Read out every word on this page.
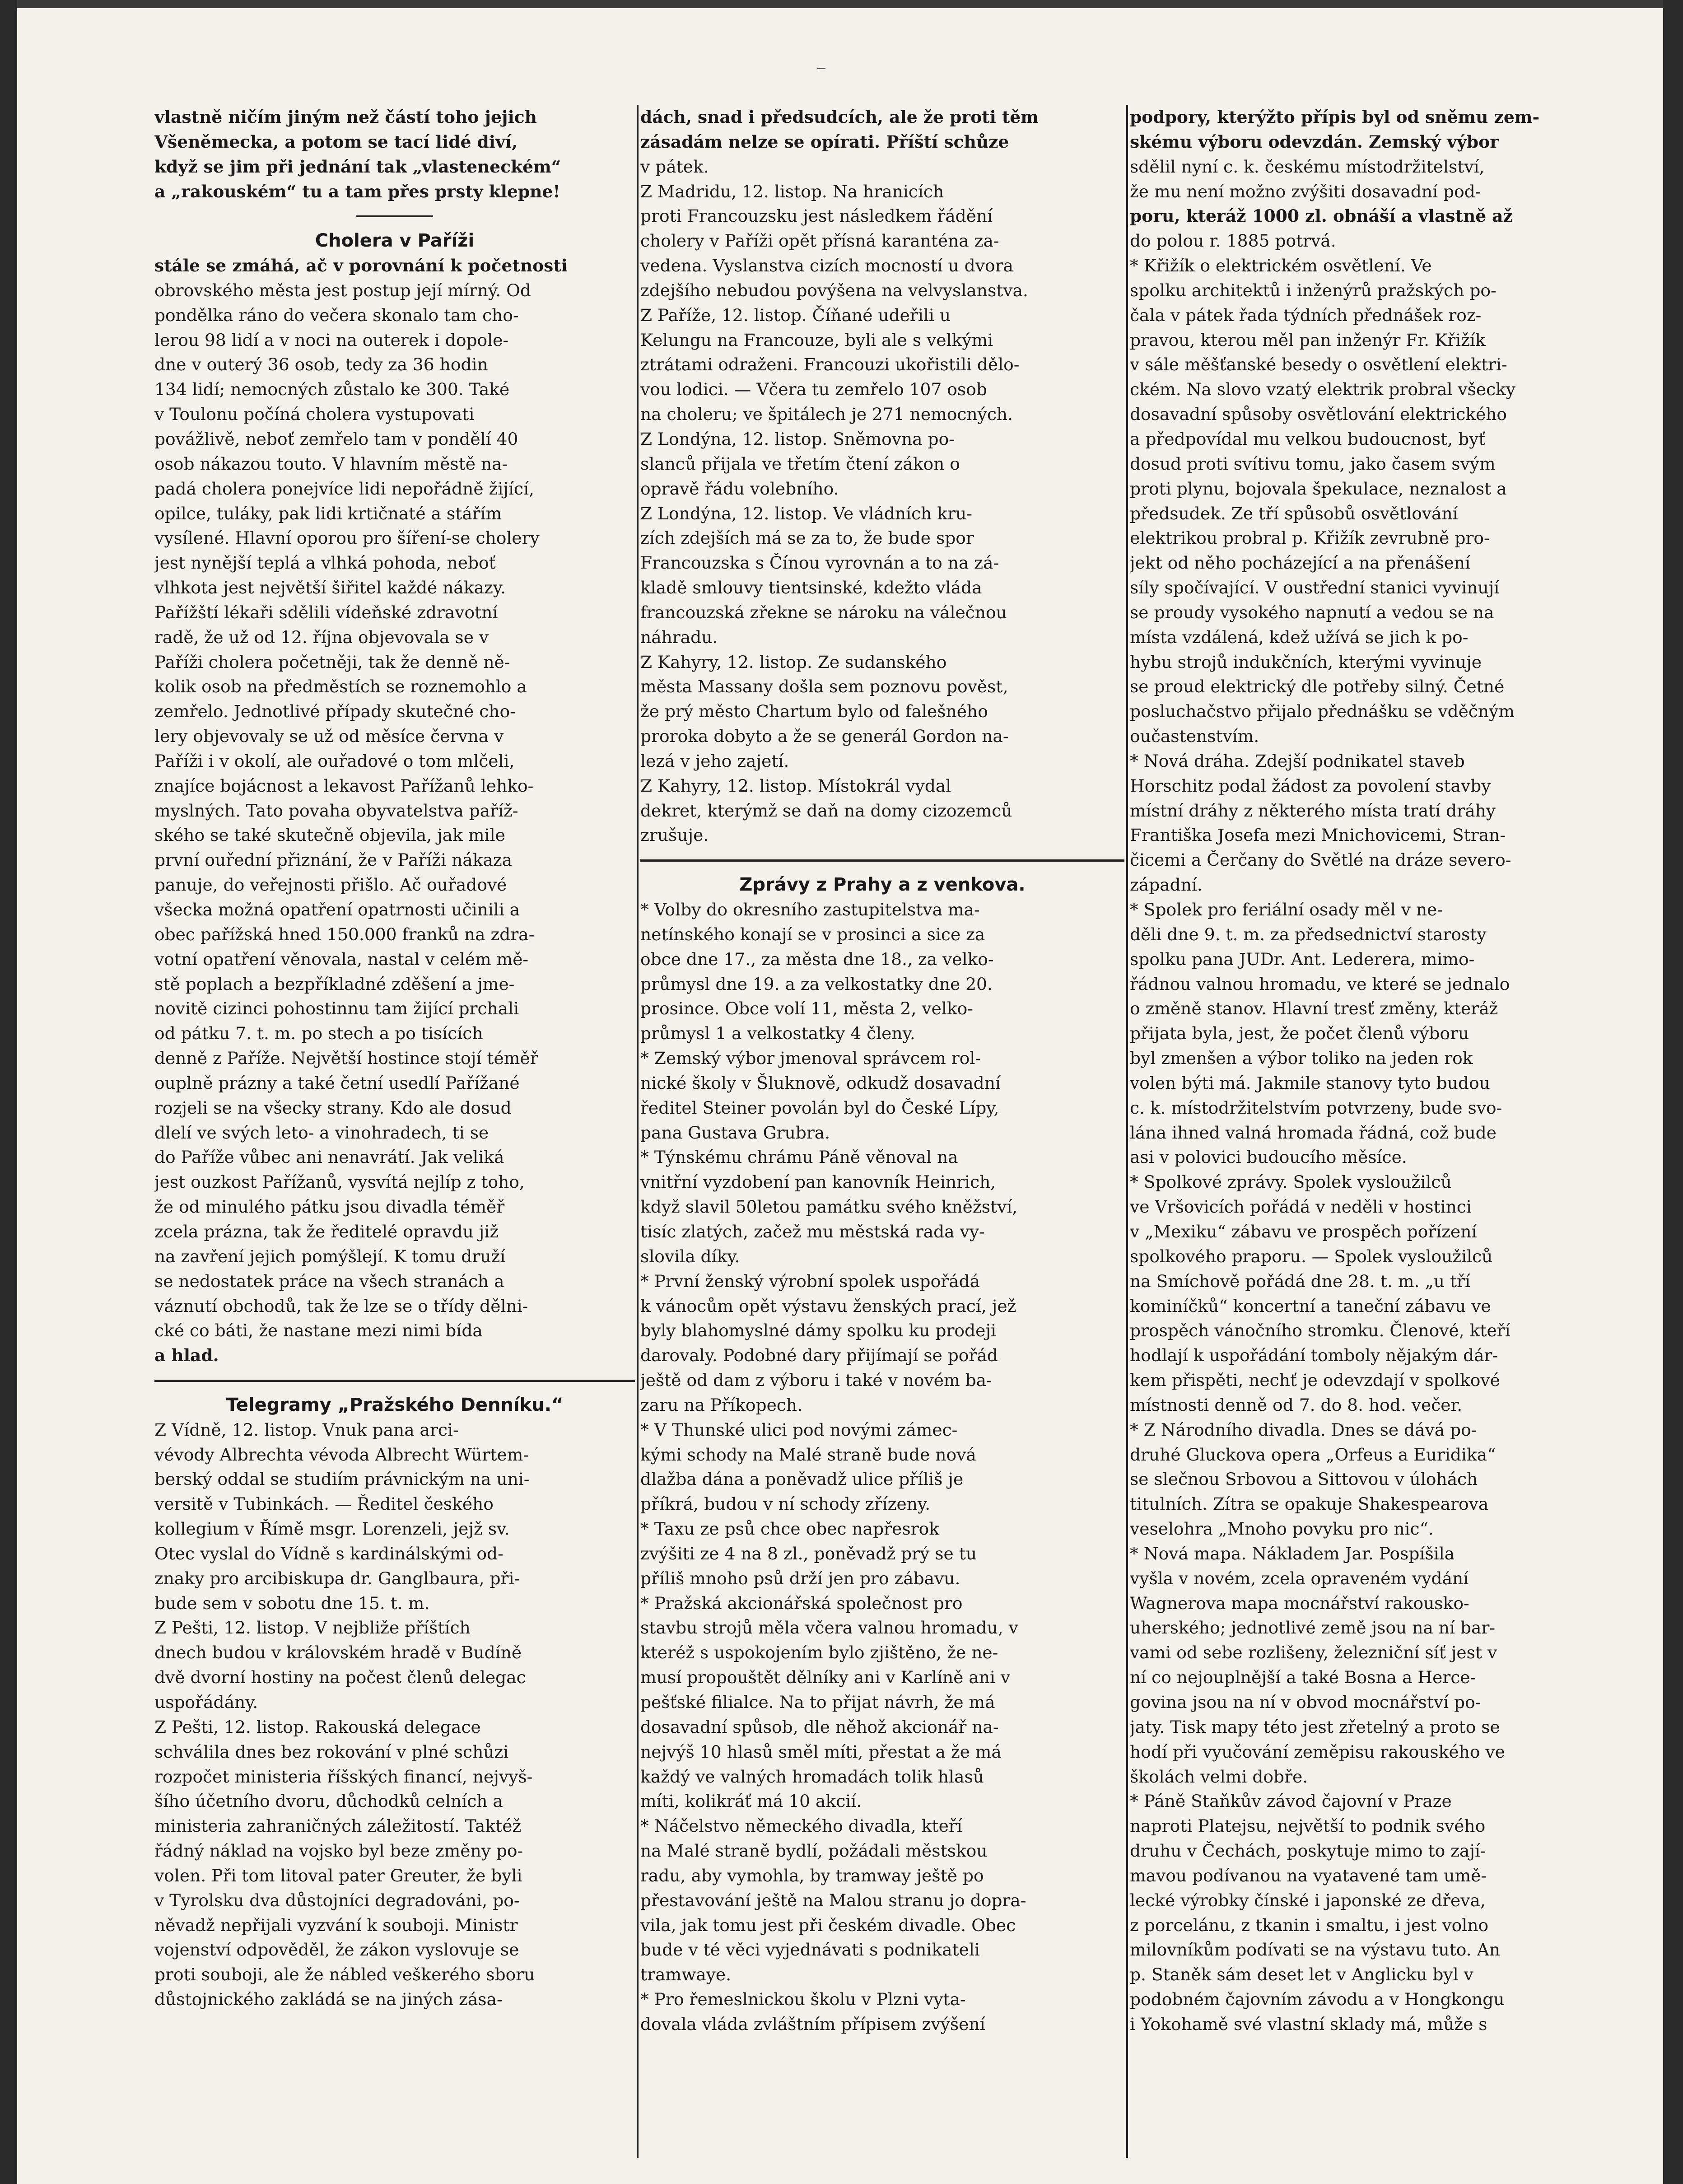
vlastně ničím jiným než částí toho jejich
Všeněmecka, a potom se tací lidé diví,
když se jim při jednání tak „vlasteneckém“
a „rakouském“ tu a tam přes prsty klepne!
Cholera v Paříži
stále se zmáhá, ač v porovnání k početnosti
obrovského města jest postup její mírný. Od
pondělka ráno do večera skonalo tam cho-
lerou 98 lidí a v noci na outerek i dopole-
dne v outerý 36 osob, tedy za 36 hodin
134 lidí; nemocných zůstalo ke 300. Také
v Toulonu počíná cholera vystupovati
povážlivě, neboť zemřelo tam v pondělí 40
osob nákazou touto. V hlavním městě na-
padá cholera ponejvíce lidi nepořádně žijící,
opilce, tuláky, pak lidi krtičnaté a stářím
vysílené. Hlavní oporou pro šíření-se cholery
jest nynější teplá a vlhká pohoda, neboť
vlhkota jest největší šiřitel každé nákazy.
Pařížští lékaři sdělili vídeňské zdravotní
radě, že už od 12. října objevovala se v
Paříži cholera početněji, tak že denně ně-
kolik osob na předměstích se roznemohlo a
zemřelo. Jednotlivé případy skutečné cho-
lery objevovaly se už od měsíce června v
Paříži i v okolí, ale ouřadové o tom mlčeli,
znajíce bojácnost a lekavost Pařížanů lehko-
myslných. Tato povaha obyvatelstva paříž-
ského se také skutečně objevila, jak mile
první ouřední přiznání, že v Paříži nákaza
panuje, do veřejnosti přišlo. Ač ouřadové
všecka možná opatření opatrnosti učinili a
obec pařížská hned 150.000 franků na zdra-
votní opatření věnovala, nastal v celém mě-
stě poplach a bezpříkladné zděšení a jme-
novitě cizinci pohostinnu tam žijící prchali
od pátku 7. t. m. po stech a po tisících
denně z Paříže. Největší hostince stojí téměř
ouplně prázny a také četní usedlí Pařížané
rozjeli se na všecky strany. Kdo ale dosud
dlelí ve svých leto- a vinohradech, ti se
do Paříže vůbec ani nenavrátí. Jak veliká
jest ouzkost Pařížanů, vysvítá nejlíp z toho,
že od minulého pátku jsou divadla téměř
zcela prázna, tak že ředitelé opravdu již
na zavření jejich pomýšlejí. K tomu druží
se nedostatek práce na všech stranách a
váznutí obchodů, tak že lze se o třídy dělni-
cké co báti, že nastane mezi nimi bída
a hlad.
Telegramy „Pražského Denníku.“
Z Vídně, 12. listop. Vnuk pana arci-
vévody Albrechta vévoda Albrecht Würtem-
berský oddal se studiím právnickým na uni-
versitě v Tubinkách. — Ředitel českého
kollegium v Římě msgr. Lorenzeli, jejž sv.
Otec vyslal do Vídně s kardinálskými od-
znaky pro arcibiskupa dr. Ganglbaura, při-
bude sem v sobotu dne 15. t. m.
Z Pešti, 12. listop. V nejbliže příštích
dnech budou v královském hradě v Budíně
dvě dvorní hostiny na počest členů delegac
uspořádány.
Z Pešti, 12. listop. Rakouská delegace
schválila dnes bez rokování v plné schůzi
rozpočet ministeria říšských financí, nejvyš-
šího účetního dvoru, důchodků celních a
ministeria zahraničných záležitostí. Taktéž
řádný náklad na vojsko byl beze změny po-
volen. Při tom litoval pater Greuter, že byli
v Tyrolsku dva důstojníci degradováni, po-
něvadž nepřijali vyzvání k souboji. Ministr
vojenství odpověděl, že zákon vyslovuje se
proti souboji, ale že nábled veškerého sboru
důstojnického zakládá se na jiných zása-
dách, snad i předsudcích, ale že proti těm
zásadám nelze se opírati. Příští schůze
v pátek.
Z Madridu, 12. listop. Na hranicích
proti Francouzsku jest následkem řádění
cholery v Paříži opět přísná karanténa za-
vedena. Vyslanstva cizích mocností u dvora
zdejšího nebudou povýšena na velvyslanstva.
Z Paříže, 12. listop. Číňané udeřili u
Kelungu na Francouze, byli ale s velkými
ztrátami odraženi. Francouzi ukořistili dělo-
vou lodici. — Včera tu zemřelo 107 osob
na choleru; ve špitálech je 271 nemocných.
Z Londýna, 12. listop. Sněmovna po-
slanců přijala ve třetím čtení zákon o
opravě řádu volebního.
Z Londýna, 12. listop. Ve vládních kru-
zích zdejších má se za to, že bude spor
Francouzska s Čínou vyrovnán a to na zá-
kladě smlouvy tientsinské, kdežto vláda
francouzská zřekne se nároku na válečnou
náhradu.
Z Kahyry, 12. listop. Ze sudanského
města Massany došla sem poznovu pověst,
že prý město Chartum bylo od falešného
proroka dobyto a že se generál Gordon na-
lezá v jeho zajetí.
Z Kahyry, 12. listop. Místokrál vydal
dekret, kterýmž se daň na domy cizozemců
zrušuje.
Zprávy z Prahy a z venkova.
* Volby do okresního zastupitelstva ma-
netínského konají se v prosinci a sice za
obce dne 17., za města dne 18., za velko-
průmysl dne 19. a za velkostatky dne 20.
prosince. Obce volí 11, města 2, velko-
průmysl 1 a velkostatky 4 členy.
* Zemský výbor jmenoval správcem rol-
nické školy v Šluknově, odkudž dosavadní
ředitel Steiner povolán byl do České Lípy,
pana Gustava Grubra.
* Týnskému chrámu Páně věnoval na
vnitřní vyzdobení pan kanovník Heinrich,
když slavil 50letou památku svého kněžství,
tisíc zlatých, začež mu městská rada vy-
slovila díky.
* První ženský výrobní spolek uspořádá
k vánocům opět výstavu ženských prací, jež
byly blahomyslné dámy spolku ku prodeji
darovaly. Podobné dary přijímají se pořád
ještě od dam z výboru i také v novém ba-
zaru na Příkopech.
* V Thunské ulici pod novými zámec-
kými schody na Malé straně bude nová
dlažba dána a poněvadž ulice příliš je
příkrá, budou v ní schody zřízeny.
* Taxu ze psů chce obec napřesrok
zvýšiti ze 4 na 8 zl., poněvadž prý se tu
příliš mnoho psů drží jen pro zábavu.
* Pražská akcionářská společnost pro
stavbu strojů měla včera valnou hromadu, v
kteréž s uspokojením bylo zjištěno, že ne-
musí propouštět dělníky ani v Karlíně ani v
pešťské filialce. Na to přijat návrh, že má
dosavadní spůsob, dle něhož akcionář na-
nejvýš 10 hlasů směl míti, přestat a že má
každý ve valných hromadách tolik hlasů
míti, kolikráť má 10 akcií.
* Náčelstvo německého divadla, kteří
na Malé straně bydlí, požádali městskou
radu, aby vymohla, by tramway ještě po
přestavování ještě na Malou stranu jo dopra-
vila, jak tomu jest při českém divadle. Obec
bude v té věci vyjednávati s podnikateli
tramwaye.
* Pro řemeslnickou školu v Plzni vyta-
dovala vláda zvláštním přípisem zvýšení
podpory, kterýžto přípis byl od sněmu zem-
skému výboru odevzdán. Zemský výbor
sdělil nyní c. k. českému místodržitelství,
že mu není možno zvýšiti dosavadní pod-
poru, kteráž 1000 zl. obnáší a vlastně až
do polou r. 1885 potrvá.
* Křižík o elektrickém osvětlení. Ve
spolku architektů i inženýrů pražských po-
čala v pátek řada týdních přednášek roz-
pravou, kterou měl pan inženýr Fr. Křižík
v sále měšťanské besedy o osvětlení elektri-
ckém. Na slovo vzatý elektrik probral všecky
dosavadní spůsoby osvětlování elektrického
a předpovídal mu velkou budoucnost, byť
dosud proti svítivu tomu, jako časem svým
proti plynu, bojovala špekulace, neznalost a
předsudek. Ze tří spůsobů osvětlování
elektrikou probral p. Křižík zevrubně pro-
jekt od něho pocházející a na přenášení
síly spočívající. V oustřední stanici vyvinují
se proudy vysokého napnutí a vedou se na
místa vzdálená, kdež užívá se jich k po-
hybu strojů indukčních, kterými vyvinuje
se proud elektrický dle potřeby silný. Četné
posluchačstvo přijalo přednášku se vděčným
oučastenstvím.
* Nová dráha. Zdejší podnikatel staveb
Horschitz podal žádost za povolení stavby
místní dráhy z některého místa tratí dráhy
Františka Josefa mezi Mnichovicemi, Stran-
čicemi a Čerčany do Světlé na dráze severo-
západní.
* Spolek pro feriální osady měl v ne-
děli dne 9. t. m. za předsednictví starosty
spolku pana JUDr. Ant. Lederera, mimo-
řádnou valnou hromadu, ve které se jednalo
o změně stanov. Hlavní tresť změny, kteráž
přijata byla, jest, že počet členů výboru
byl zmenšen a výbor toliko na jeden rok
volen býti má. Jakmile stanovy tyto budou
c. k. místodržitelstvím potvrzeny, bude svo-
lána ihned valná hromada řádná, což bude
asi v polovici budoucího měsíce.
* Spolkové zprávy. Spolek vysloužilců
ve Vršovicích pořádá v neděli v hostinci
v „Mexiku“ zábavu ve prospěch pořízení
spolkového praporu. — Spolek vysloužilců
na Smíchově pořádá dne 28. t. m. „u tří
kominíčků“ koncertní a taneční zábavu ve
prospěch vánočního stromku. Členové, kteří
hodlají k uspořádání tomboly nějakým dár-
kem přispěti, nechť je odevzdají v spolkové
místnosti denně od 7. do 8. hod. večer.
* Z Národního divadla. Dnes se dává po-
druhé Gluckova opera „Orfeus a Euridika“
se slečnou Srbovou a Sittovou v úlohách
titulních. Zítra se opakuje Shakespearova
veselohra „Mnoho povyku pro nic“.
* Nová mapa. Nákladem Jar. Pospíšila
vyšla v novém, zcela opraveném vydání
Wagnerova mapa mocnářství rakousko-
uherského; jednotlivé země jsou na ní bar-
vami od sebe rozlišeny, železniční síť jest v
ní co nejouplnější a také Bosna a Herce-
govina jsou na ní v obvod mocnářství po-
jaty. Tisk mapy této jest zřetelný a proto se
hodí při vyučování zeměpisu rakouského ve
školách velmi dobře.
* Páně Staňkův závod čajovní v Praze
naproti Platejsu, největší to podnik svého
druhu v Čechách, poskytuje mimo to zají-
mavou podívanou na vyatavené tam umě-
lecké výrobky čínské i japonské ze dřeva,
z porcelánu, z tkanin i smaltu, i jest volno
milovníkům podívati se na výstavu tuto. An
p. Staněk sám deset let v Anglicku byl v
podobném čajovním závodu a v Hongkongu
i Yokohamě své vlastní sklady má, může s
